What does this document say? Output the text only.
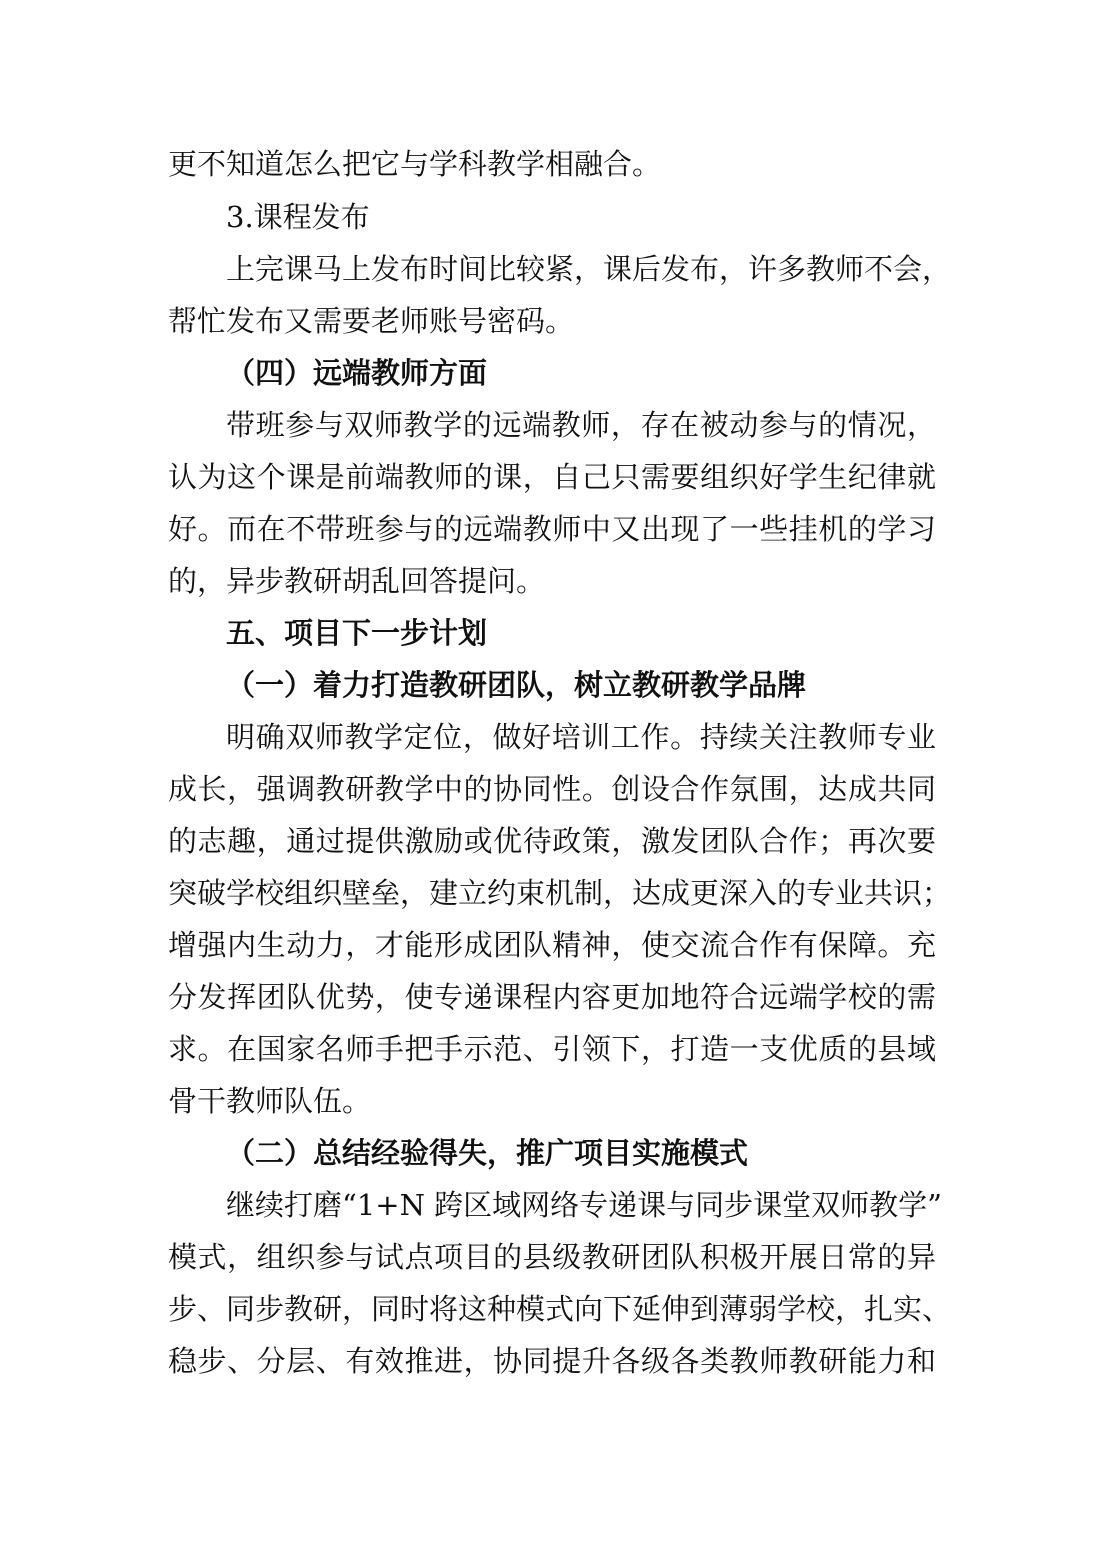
更不知道怎么把它与学科教学相融合。
3.课程发布
上完课马上发布时间比较紧，课后发布，许多教师不会，
帮忙发布又需要老师账号密码。
（四）远端教师方面
带班参与双师教学的远端教师，存在被动参与的情况，
认为这个课是前端教师的课，自己只需要组织好学生纪律就
好。而在不带班参与的远端教师中又出现了一些挂机的学习
的，异步教研胡乱回答提问。
五、项目下一步计划
（一）着力打造教研团队，树立教研教学品牌
明确双师教学定位，做好培训工作。持续关注教师专业
成长，强调教研教学中的协同性。创设合作氛围，达成共同
的志趣，通过提供激励或优待政策，激发团队合作；再次要
突破学校组织壁垒，建立约束机制，达成更深入的专业共识；
增强内生动力，才能形成团队精神，使交流合作有保障。充
分发挥团队优势，使专递课程内容更加地符合远端学校的需
求。在国家名师手把手示范、引领下，打造一支优质的县域
骨干教师队伍。
（二）总结经验得失，推广项目实施模式
继续打磨“1+N 跨区域网络专递课与同步课堂双师教学”
模式，组织参与试点项目的县级教研团队积极开展日常的异
步、同步教研，同时将这种模式向下延伸到薄弱学校，扎实、
稳步、分层、有效推进，协同提升各级各类教师教研能力和
